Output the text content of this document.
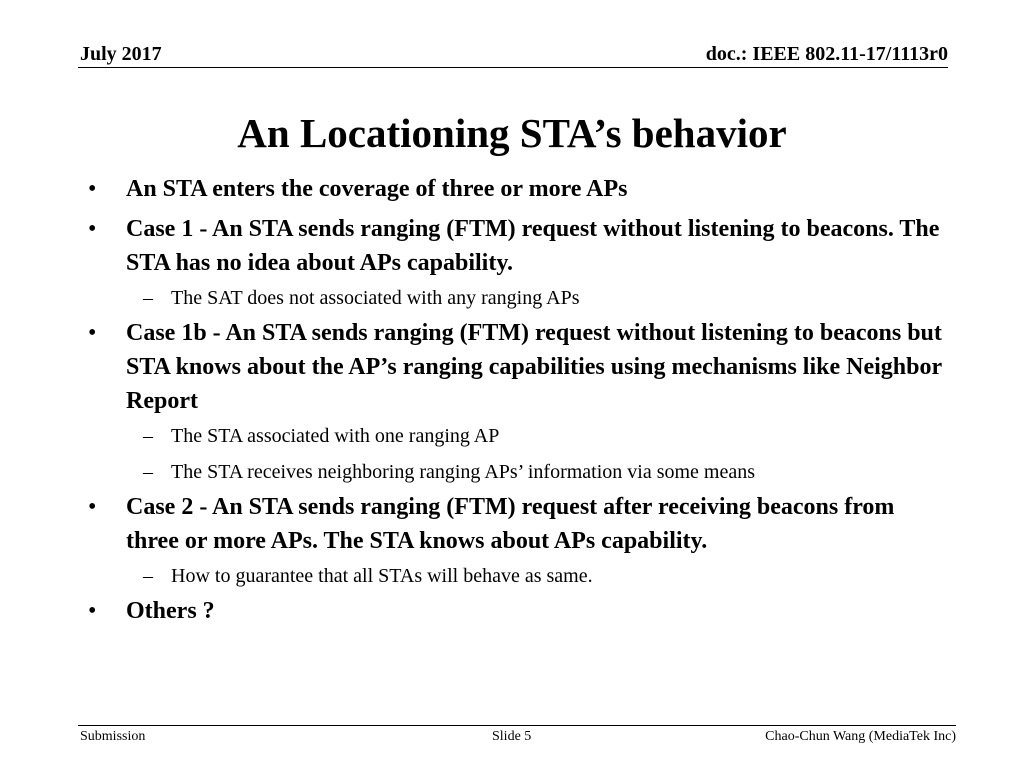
July 2017	doc.: IEEE 802.11-17/1113r0
An Locationing STA’s behavior
• An STA enters the coverage of three or more APs
• Case 1 - An STA sends ranging (FTM) request without listening to beacons. The STA has no idea about APs capability.
– The SAT does not associated with any ranging APs
• Case 1b - An STA sends ranging (FTM) request without listening to beacons but STA knows about the AP’s ranging capabilities using mechanisms like Neighbor Report
– The STA associated with one ranging AP
– The STA receives neighboring ranging APs’ information via some means
• Case 2 - An STA sends ranging (FTM) request after receiving beacons from three or more APs. The STA knows about APs capability.
– How to guarantee that all STAs will behave as same.
• Others ?
Submission	Slide 5	Chao-Chun Wang (MediaTek Inc)
